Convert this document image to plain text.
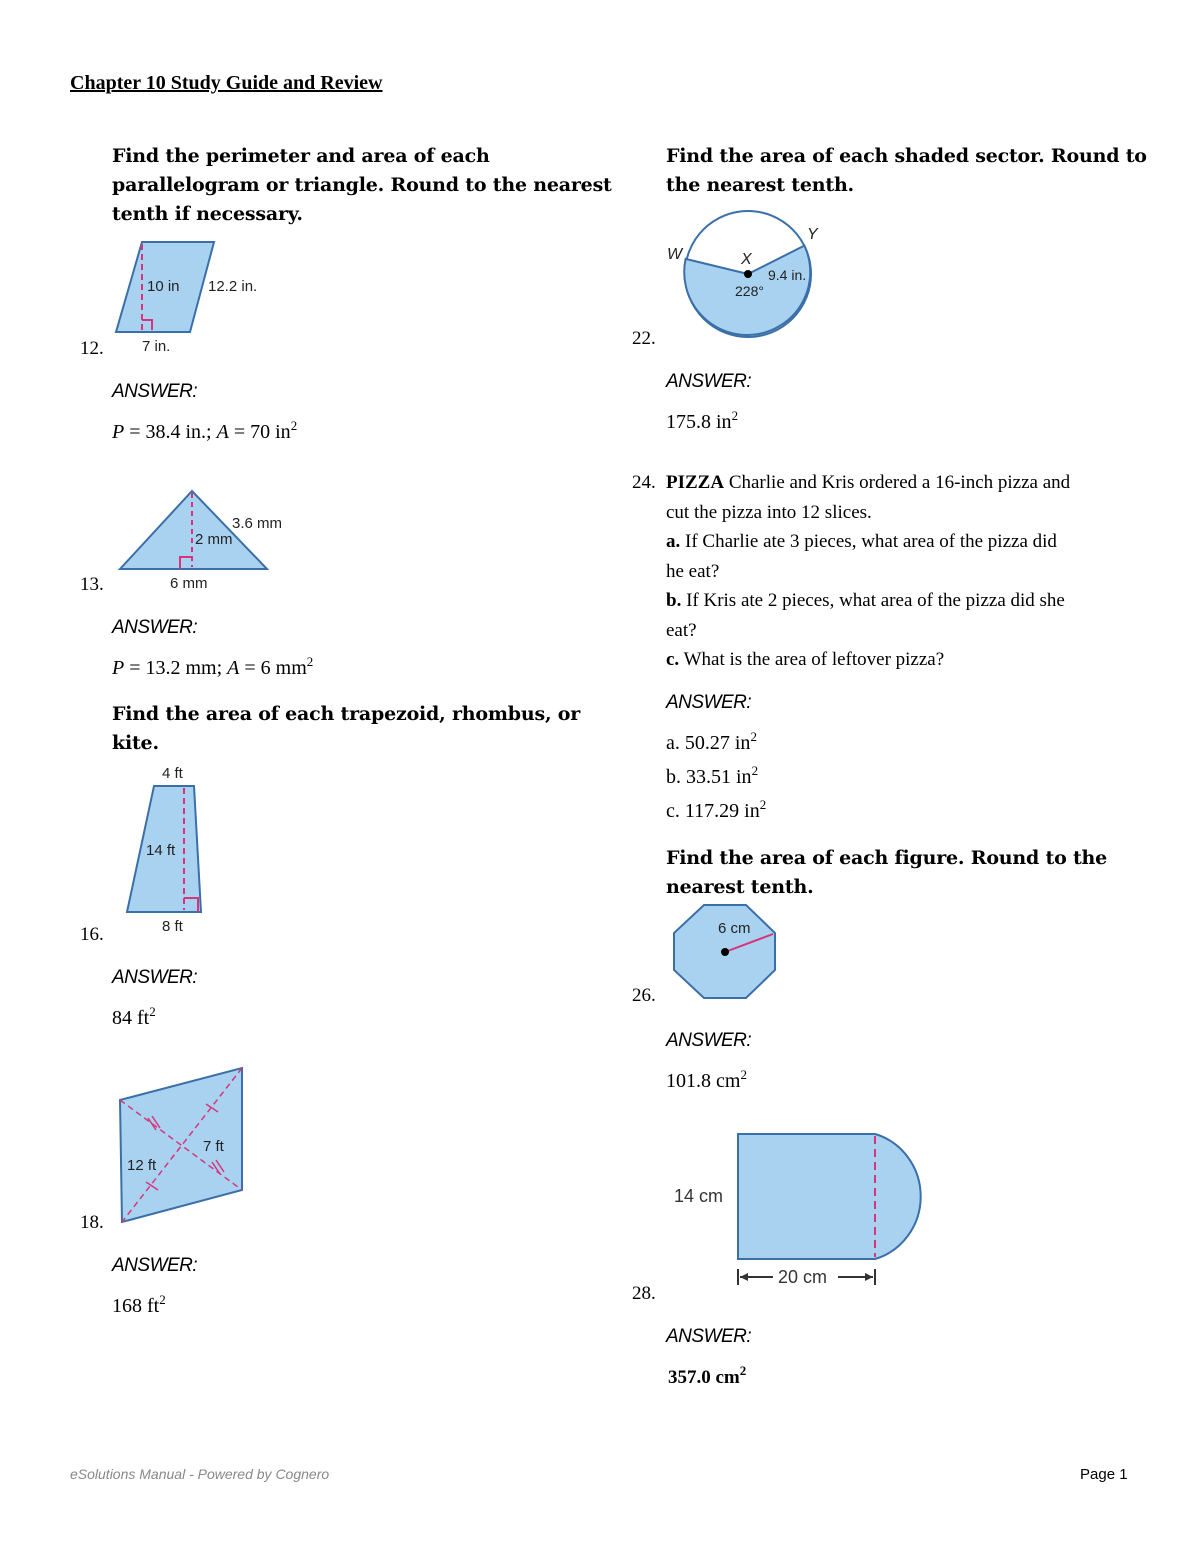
Chapter 10 Study Guide and Review
Find the perimeter and area of each
parallelogram or triangle. Round to the nearest
tenth if necessary.
10 in 12.2 in.
7 in.
12.
ANSWER:
P = 38.4 in.; A = 70 $in^2$
2 mm
3.6 mm
6 mm
13.
ANSWER:
P = 13.2 mm; A = 6 $mm^2$
Find the area of each trapezoid, rhombus, or
kite.
4 ft
14 ft
8 ft
16.
ANSWER:
84 $ft^2$
12 ft
7 ft
18.
ANSWER:
168 $ft^2$
Find the area of each shaded sector. Round to
the nearest tenth.
W	X
Y
9.4 in.
228°
22.
ANSWER:
175.8 $in^2$
24. PIZZA Charlie and Kris ordered a 16-inch pizza and
cut the pizza into 12 slices.
a. If Charlie ate 3 pieces, what area of the pizza did
he eat?
b. If Kris ate 2 pieces, what area of the pizza did she
eat?
c. What is the area of leftover pizza?
ANSWER:
a. 50.27 $in^2$
b. 33.51 $in^2$
c. 117.29 $in^2$
Find the area of each figure. Round to the
nearest tenth.
6 cm
26.
ANSWER:
101.8 $cm^2$
14 cm
20 cm
28.
ANSWER:
357.0 $cm^2$
eSolutions Manual - Powered by Cognero	Page 1
